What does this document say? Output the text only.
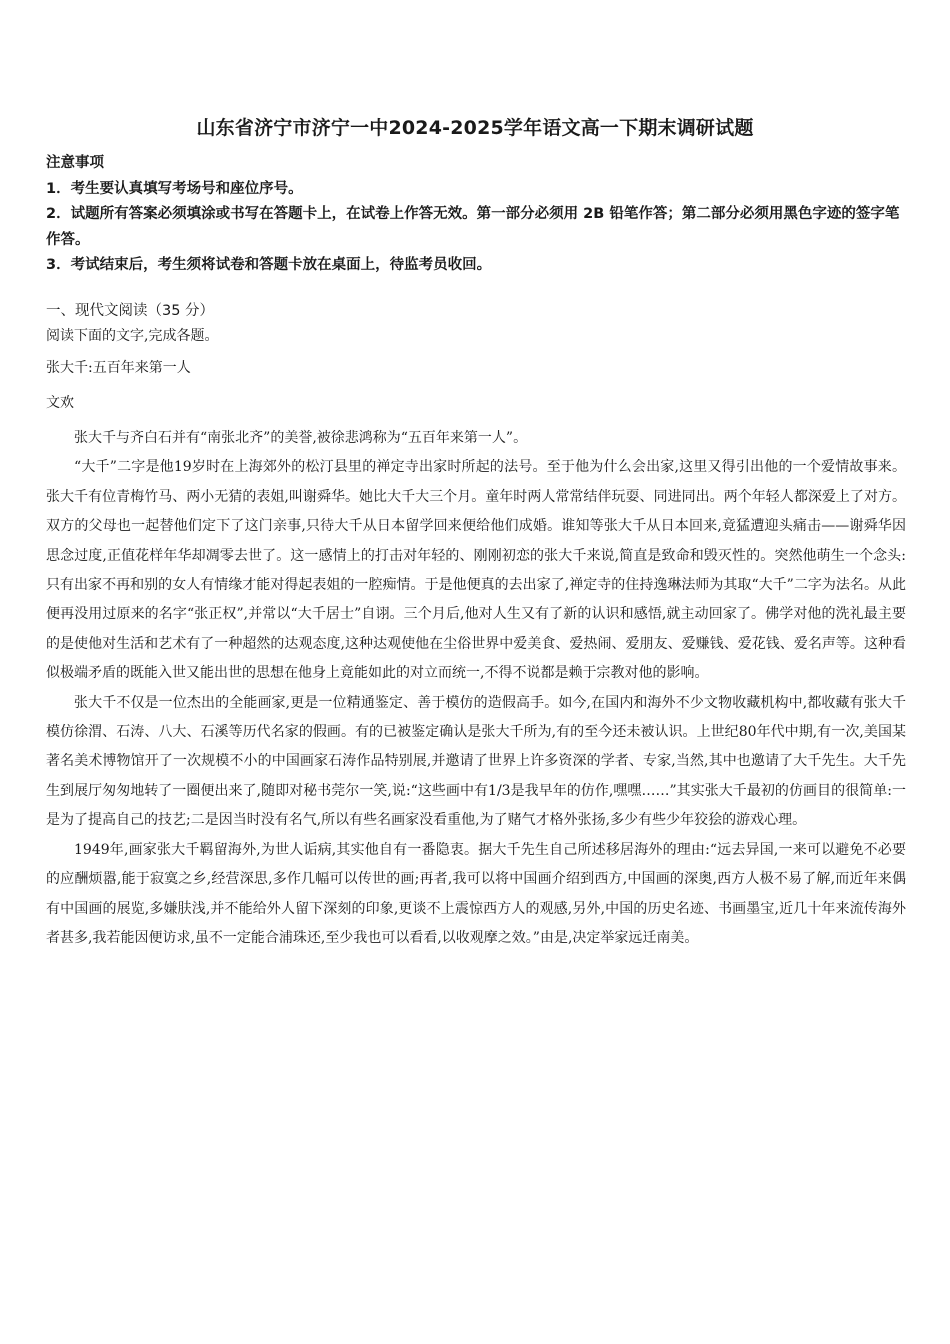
山东省济宁市济宁一中2024-2025学年语文高一下期末调研试题
注意事项
1．考生要认真填写考场号和座位序号。
2．试题所有答案必须填涂或书写在答题卡上，在试卷上作答无效。第一部分必须用 2B 铅笔作答；第二部分必须用黑色字迹的签字笔作答。
3．考试结束后，考生须将试卷和答题卡放在桌面上，待监考员收回。
一、现代文阅读（35 分）
阅读下面的文字,完成各题。
张大千:五百年来第一人
文欢

张大千与齐白石并有“南张北齐”的美誉,被徐悲鸿称为“五百年来第一人”。

“大千”二字是他19岁时在上海郊外的松汀县里的禅定寺出家时所起的法号。至于他为什么会出家,这里又得引出他的一个爱情故事来。张大千有位青梅竹马、两小无猜的表姐,叫谢舜华。她比大千大三个月。童年时两人常常结伴玩耍、同进同出。两个年轻人都深爱上了对方。双方的父母也一起替他们定下了这门亲事,只待大千从日本留学回来便给他们成婚。谁知等张大千从日本回来,竟猛遭迎头痛击——谢舜华因思念过度,正值花样年华却凋零去世了。这一感情上的打击对年轻的、刚刚初恋的张大千来说,简直是致命和毁灭性的。突然他萌生一个念头:只有出家不再和别的女人有情缘才能对得起表姐的一腔痴情。于是他便真的去出家了,禅定寺的住持逸琳法师为其取“大千”二字为法名。从此便再没用过原来的名字“张正权”,并常以“大千居士”自诩。三个月后,他对人生又有了新的认识和感悟,就主动回家了。佛学对他的洗礼最主要的是使他对生活和艺术有了一种超然的达观态度,这种达观使他在尘俗世界中爱美食、爱热闹、爱朋友、爱赚钱、爱花钱、爱名声等。这种看似极端矛盾的既能入世又能出世的思想在他身上竟能如此的对立而统一,不得不说都是赖于宗教对他的影响。

张大千不仅是一位杰出的全能画家,更是一位精通鉴定、善于模仿的造假高手。如今,在国内和海外不少文物收藏机构中,都收藏有张大千模仿徐渭、石涛、八大、石溪等历代名家的假画。有的已被鉴定确认是张大千所为,有的至今还未被认识。上世纪80年代中期,有一次,美国某著名美术博物馆开了一次规模不小的中国画家石涛作品特别展,并邀请了世界上许多资深的学者、专家,当然,其中也邀请了大千先生。大千先生到展厅匆匆地转了一圈便出来了,随即对秘书莞尔一笑,说:“这些画中有1/3是我早年的仿作,嘿嘿……”其实张大千最初的仿画目的很简单:一是为了提高自己的技艺;二是因当时没有名气,所以有些名画家没看重他,为了赌气才格外张扬,多少有些少年狡狯的游戏心理。

1949年,画家张大千羁留海外,为世人诟病,其实他自有一番隐衷。据大千先生自己所述移居海外的理由:“远去异国,一来可以避免不必要的应酬烦嚣,能于寂寞之乡,经营深思,多作几幅可以传世的画;再者,我可以将中国画介绍到西方,中国画的深奥,西方人极不易了解,而近年来偶有中国画的展览,多嫌肤浅,并不能给外人留下深刻的印象,更谈不上震惊西方人的观感,另外,中国的历史名迹、书画墨宝,近几十年来流传海外者甚多,我若能因便访求,虽不一定能合浦珠还,至少我也可以看看,以收观摩之效。”由是,决定举家远迁南美。
